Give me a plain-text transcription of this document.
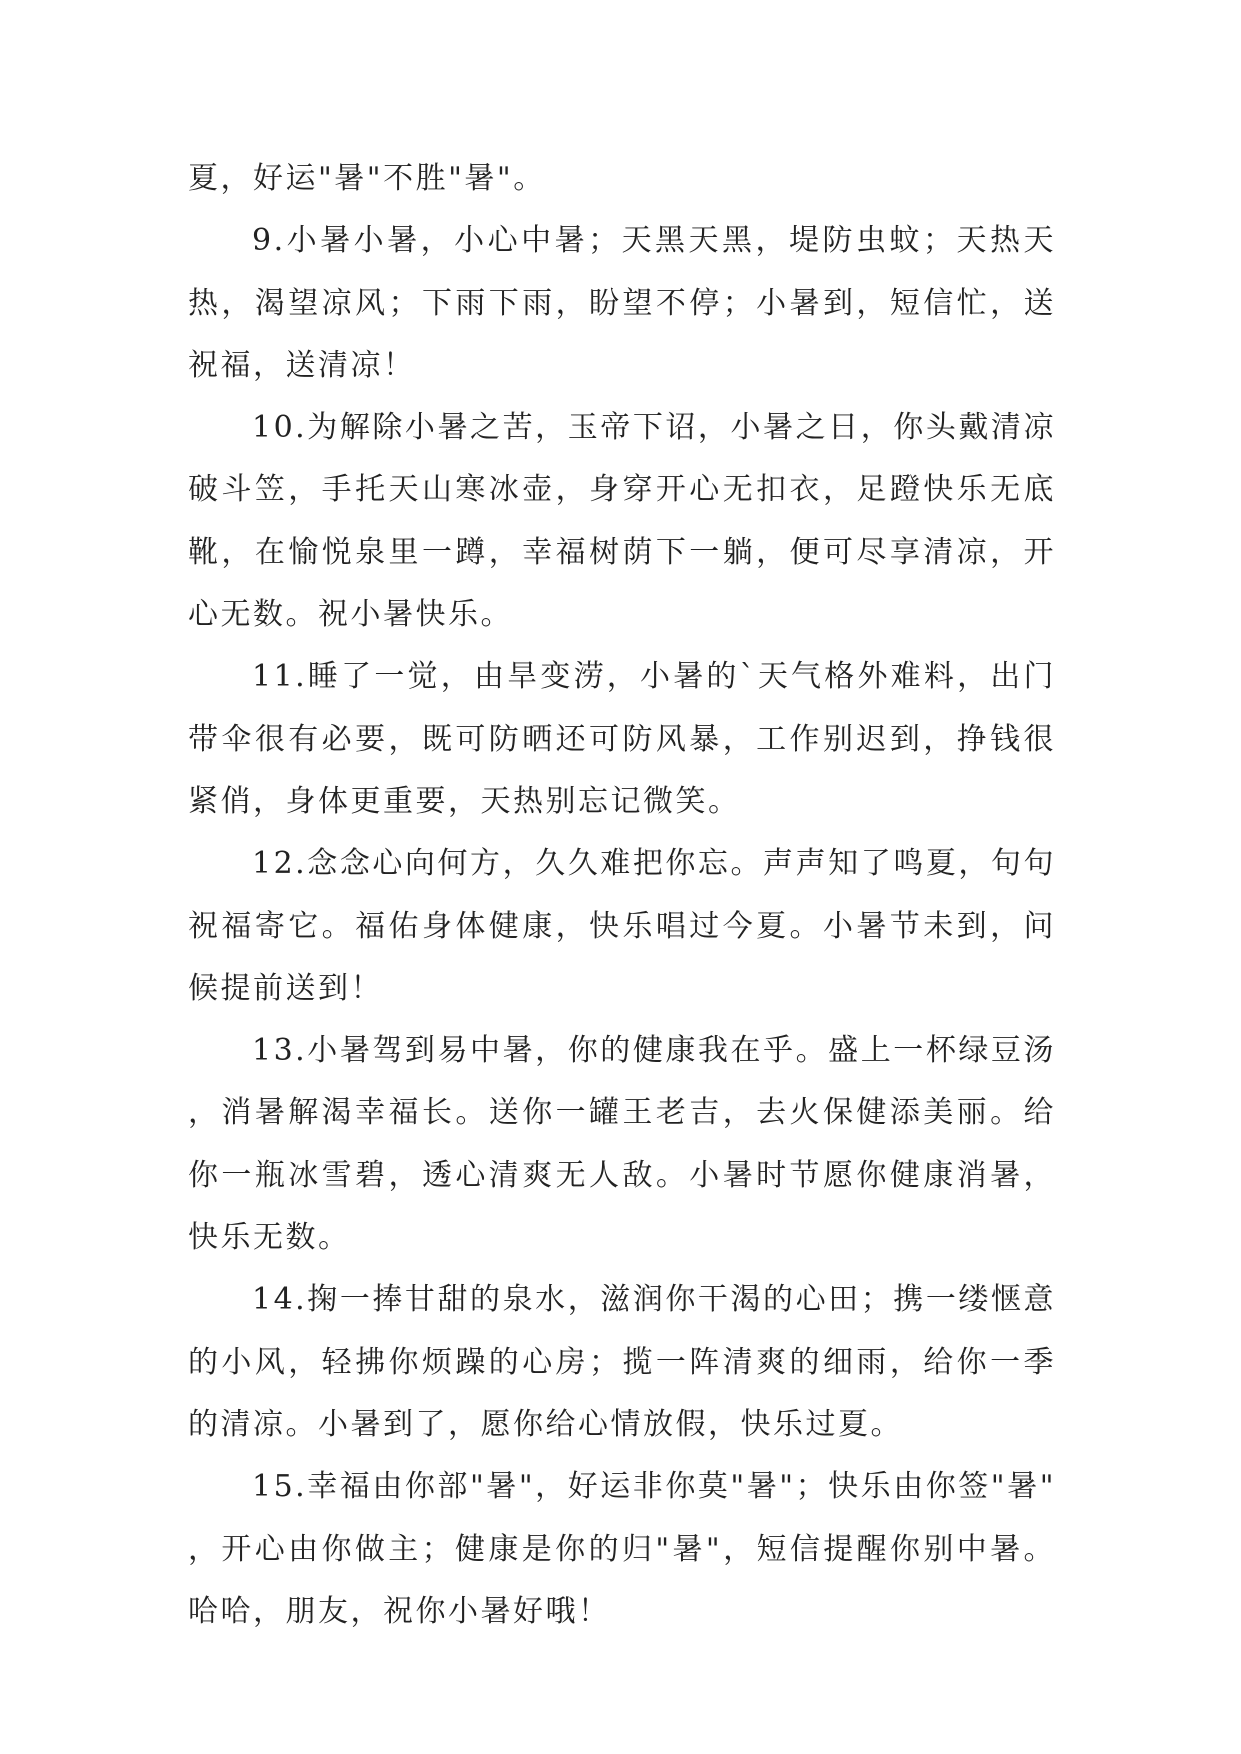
夏，好运"暑"不胜"暑"。

9.小暑小暑，小心中暑；天黑天黑，堤防虫蚊；天热天热，渴望凉风；下雨下雨，盼望不停；小暑到，短信忙，送祝福，送清凉！

10.为解除小暑之苦，玉帝下诏，小暑之日，你头戴清凉破斗笠，手托天山寒冰壶，身穿开心无扣衣，足蹬快乐无底靴，在愉悦泉里一蹲，幸福树荫下一躺，便可尽享清凉，开心无数。祝小暑快乐。

11.睡了一觉，由旱变涝，小暑的`天气格外难料，出门带伞很有必要，既可防晒还可防风暴，工作别迟到，挣钱很紧俏，身体更重要，天热别忘记微笑。

12.念念心向何方，久久难把你忘。声声知了鸣夏，句句祝福寄它。福佑身体健康，快乐唱过今夏。小暑节未到，问候提前送到！

13.小暑驾到易中暑，你的健康我在乎。盛上一杯绿豆汤，消暑解渴幸福长。送你一罐王老吉，去火保健添美丽。给你一瓶冰雪碧，透心清爽无人敌。小暑时节愿你健康消暑，快乐无数。

14.掬一捧甘甜的泉水，滋润你干渴的心田；携一缕惬意的小风，轻拂你烦躁的心房；揽一阵清爽的细雨，给你一季的清凉。小暑到了，愿你给心情放假，快乐过夏。

15.幸福由你部"暑"，好运非你莫"暑"；快乐由你签"暑"，开心由你做主；健康是你的归"暑"，短信提醒你别中暑。哈哈，朋友，祝你小暑好哦！
